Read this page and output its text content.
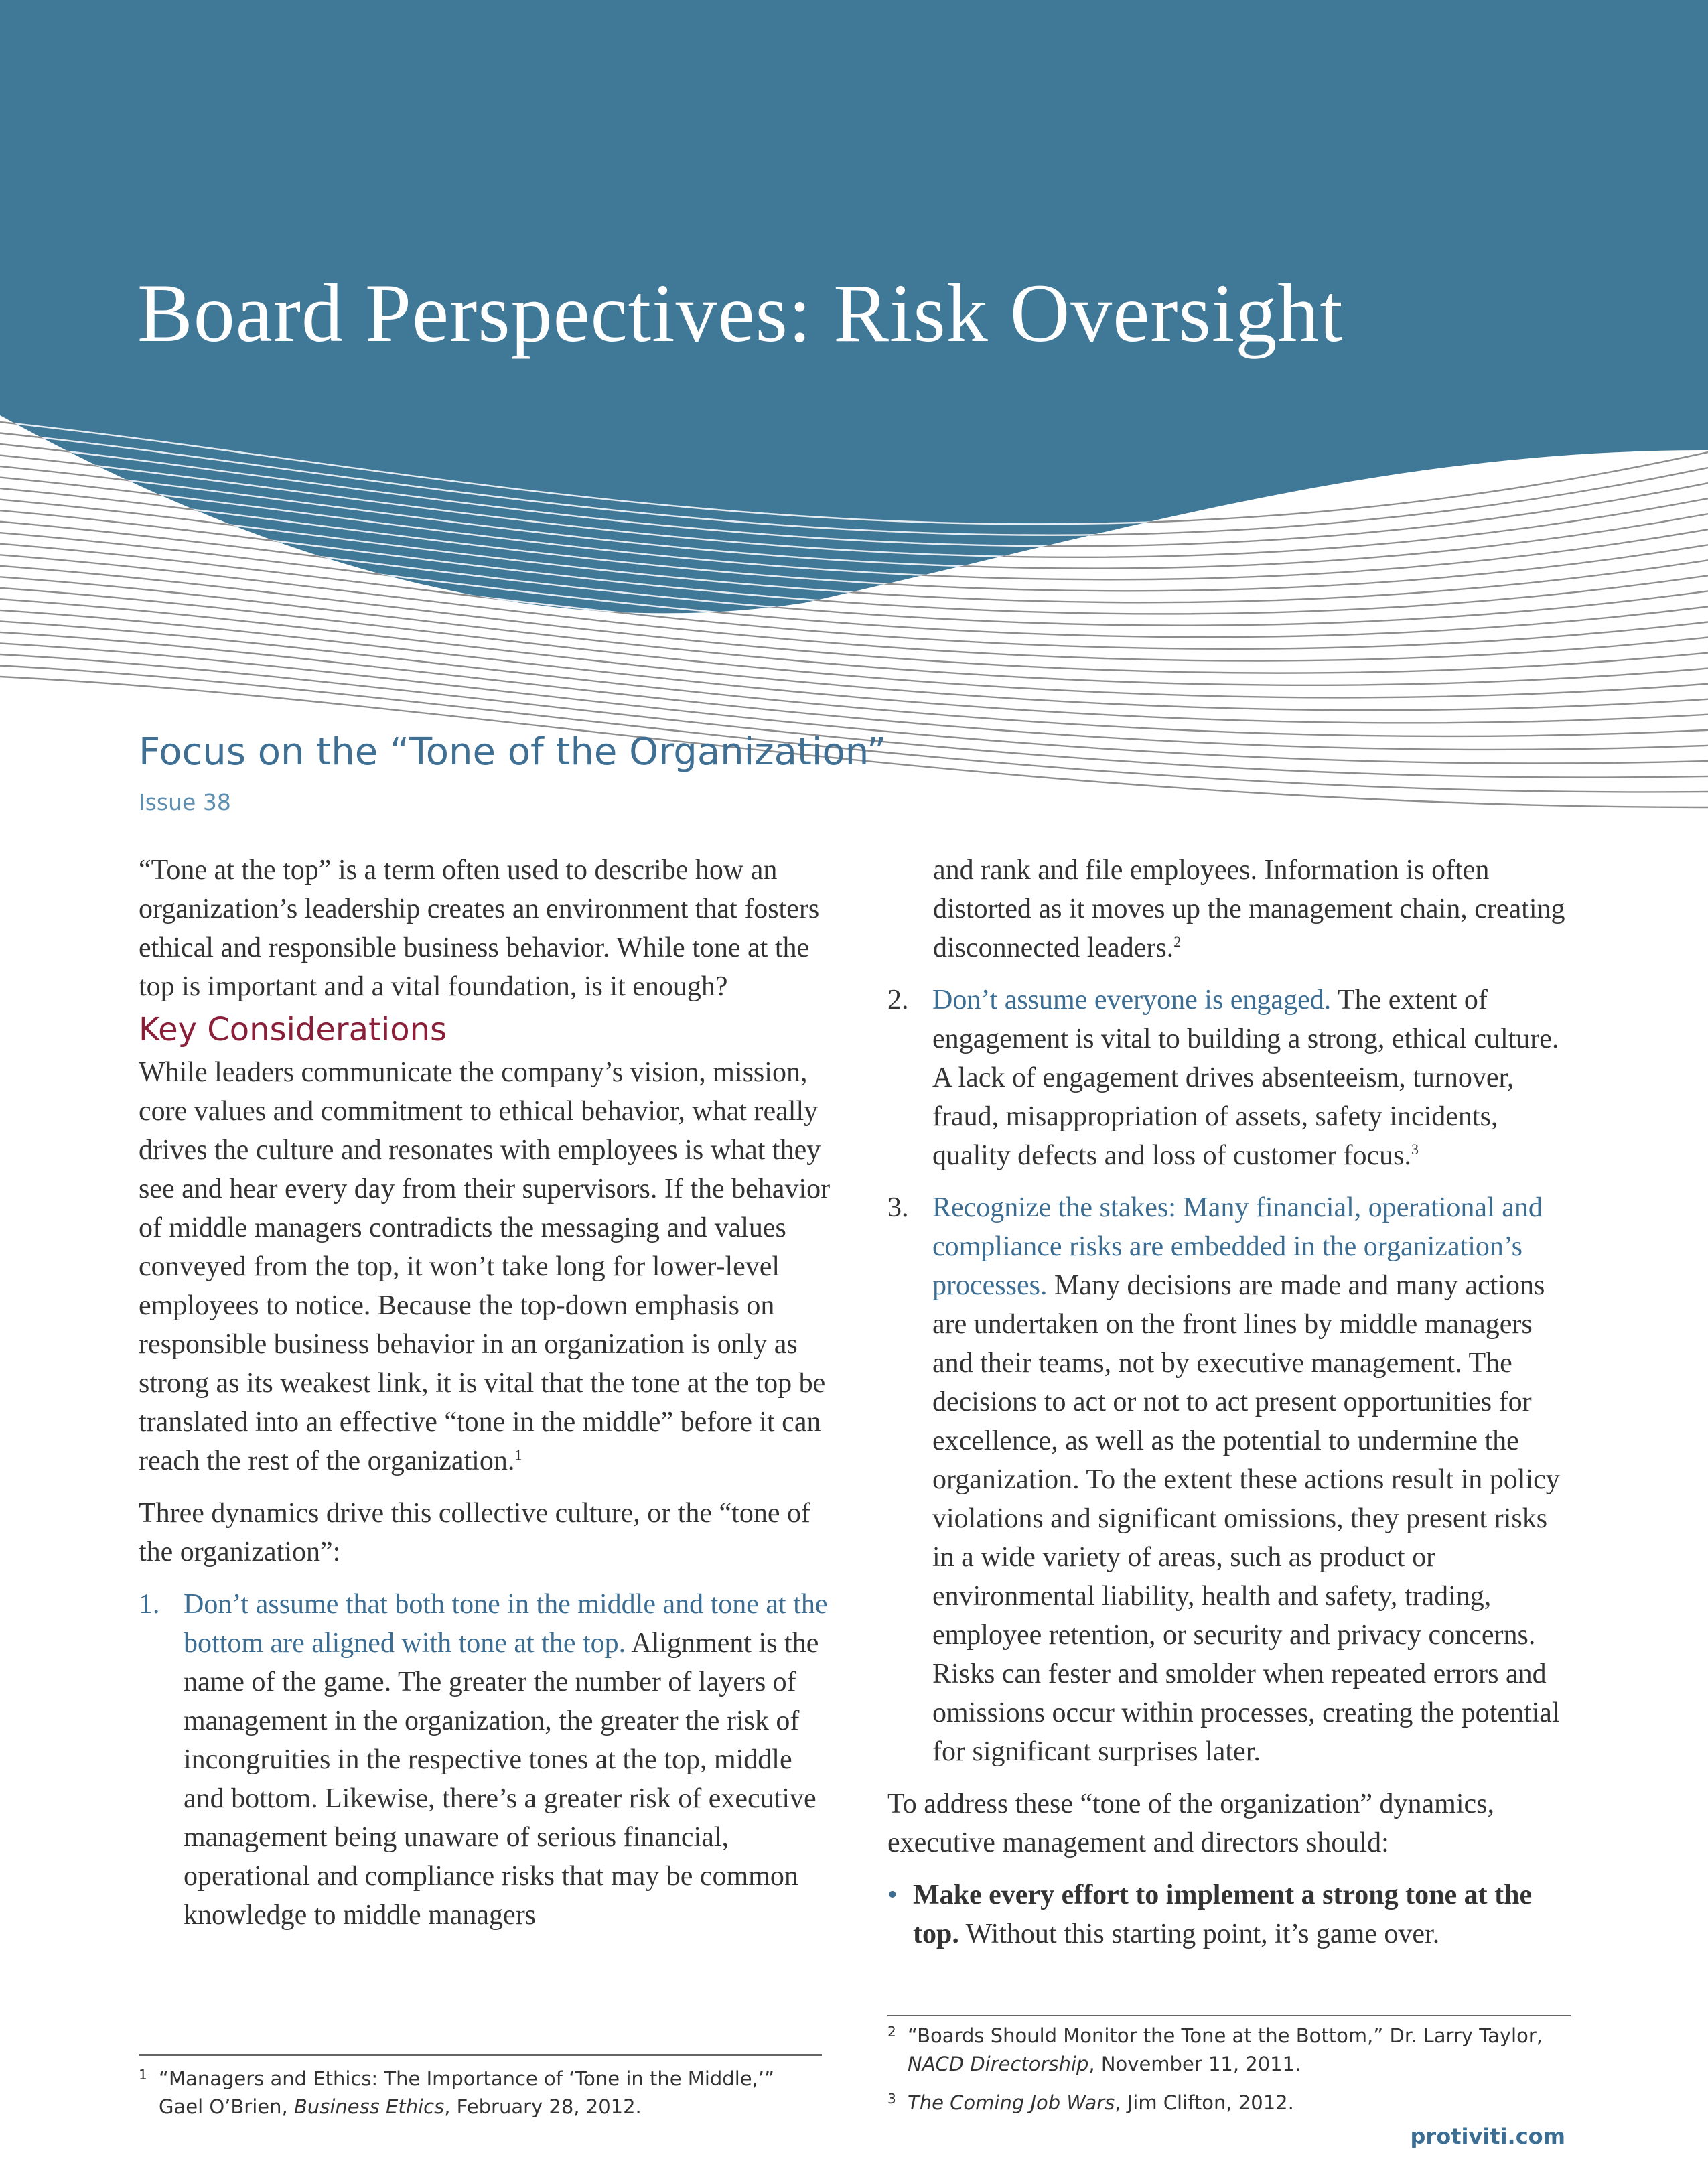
Board Perspectives: Risk Oversight
Focus on the “Tone of the Organization”
Issue 38

“Tone at the top” is a term often used to describe how an organization’s leadership creates an environment that fosters ethical and responsible business behavior. While tone at the top is important and a vital foundation, is it enough?

Key Considerations

While leaders communicate the company’s vision, mission, core values and commitment to ethical behavior, what really drives the culture and resonates with employees is what they see and hear every day from their supervisors. If the behavior of middle managers contradicts the messaging and values conveyed from the top, it won’t take long for lower-level employees to notice. Because the top-down emphasis on responsible business behavior in an organization is only as strong as its weakest link, it is vital that the tone at the top be translated into an effective “tone in the middle” before it can reach the rest of the organization.$^1$

Three dynamics drive this collective culture, or the “tone of the organization”:

1. Don’t assume that both tone in the middle and tone at the bottom are aligned with tone at the top. Alignment is the name of the game. The greater the number of layers of management in the organization, the greater the risk of incongruities in the respective tones at the top, middle and bottom. Likewise, there’s a greater risk of executive management being unaware of serious financial, operational and compliance risks that may be common knowledge to middle managers

and rank and file employees. Information is often distorted as it moves up the management chain, creating disconnected leaders.$^2$

2. Don’t assume everyone is engaged. The extent of engagement is vital to building a strong, ethical culture. A lack of engagement drives absenteeism, turnover, fraud, misappropriation of assets, safety incidents, quality defects and loss of customer focus.$^3$

3. Recognize the stakes: Many financial, operational and compliance risks are embedded in the organization’s processes. Many decisions are made and many actions are undertaken on the front lines by middle managers and their teams, not by executive management. The decisions to act or not to act present opportunities for excellence, as well as the potential to undermine the organization. To the extent these actions result in policy violations and significant omissions, they present risks in a wide variety of areas, such as product or environmental liability, health and safety, trading, employee retention, or security and privacy concerns. Risks can fester and smolder when repeated errors and omissions occur within processes, creating the potential for significant surprises later.

To address these “tone of the organization” dynamics, executive management and directors should:

• Make every effort to implement a strong tone at the top. Without this starting point, it’s game over.

1 “Managers and Ethics: The Importance of ‘Tone in the Middle,’”
Gael O’Brien, Business Ethics, February 28, 2012.
2 “Boards Should Monitor the Tone at the Bottom,” Dr. Larry Taylor,
NACD Directorship, November 11, 2011.
3 The Coming Job Wars, Jim Clifton, 2012.
protiviti.com
